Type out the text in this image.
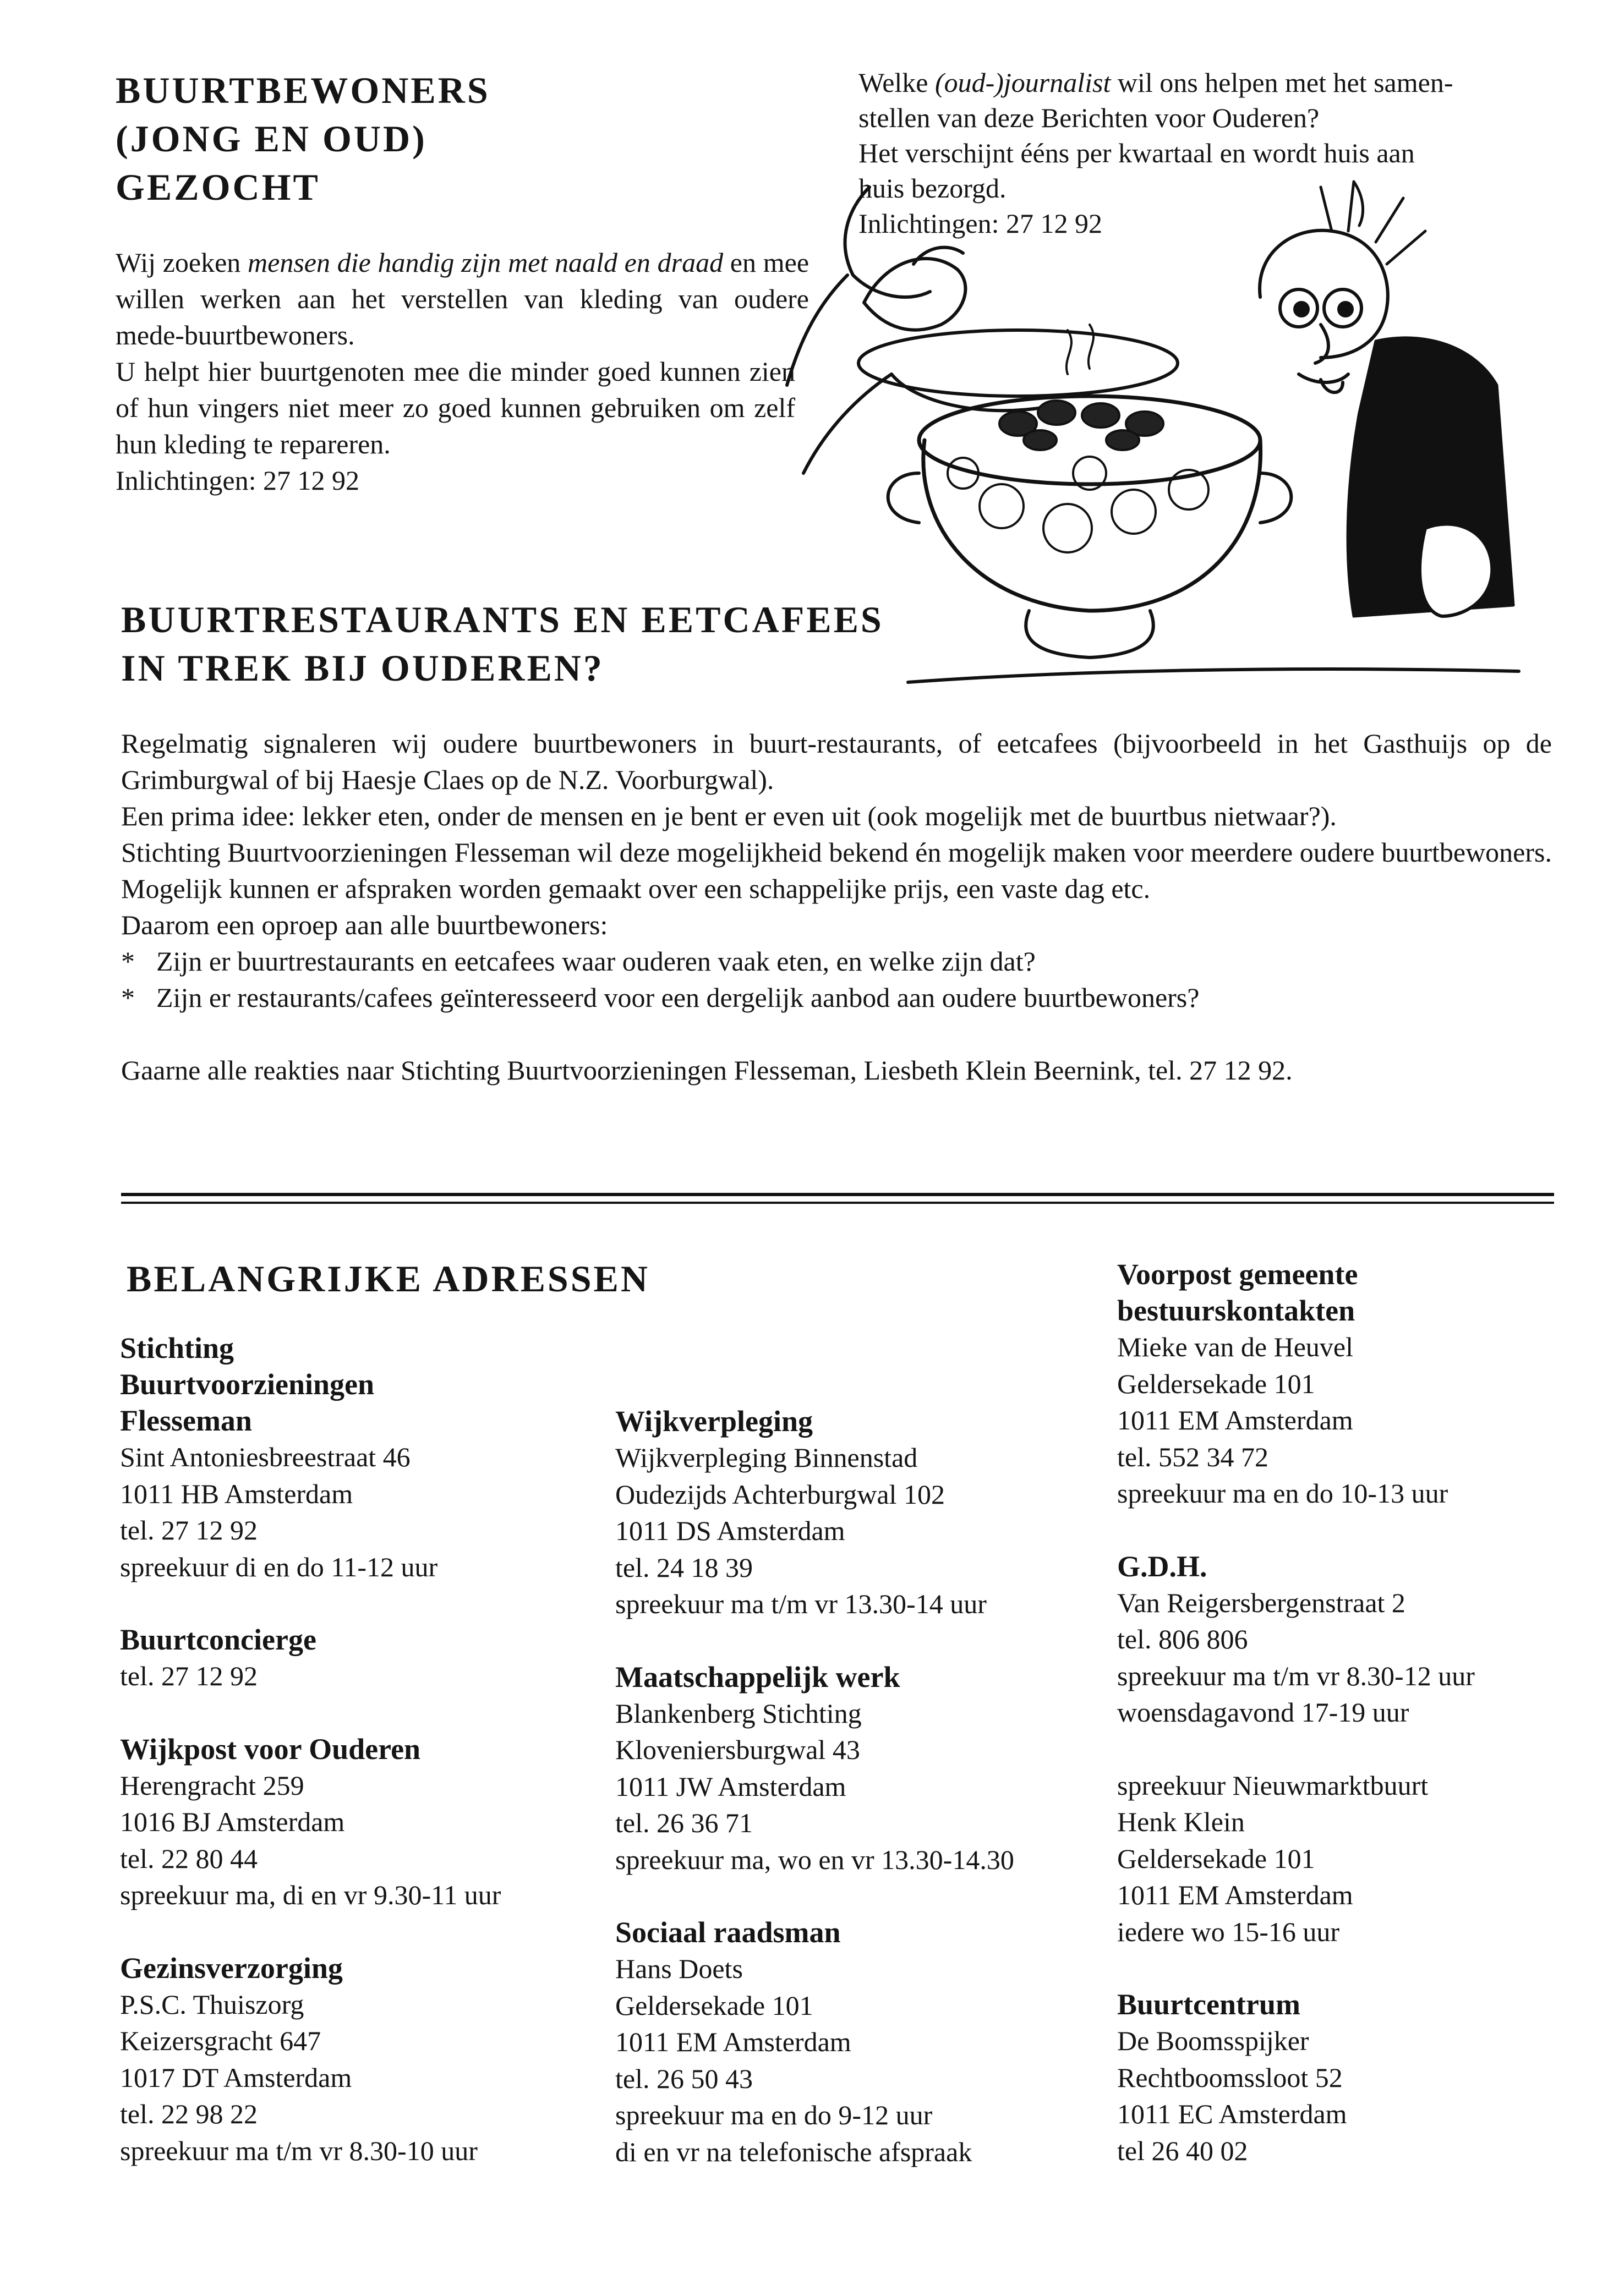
BUURTBEWONERS
(JONG EN OUD)
GEZOCHT

Wij zoeken mensen die handig zijn met naald en draad en mee willen werken aan het verstellen van kleding van oudere mede-buurtbewoners.

U helpt hier buurtgenoten mee die minder goed kunnen zien of hun vingers niet meer zo goed kunnen gebruiken om zelf hun kleding te repareren.

Inlichtingen: 27 12 92

Welke (oud-)journalist wil ons helpen met het samen-

stellen van deze Berichten voor Ouderen?

Het verschijnt ééns per kwartaal en wordt huis aan

huis bezorgd.

Inlichtingen: 27 12 92

BUURTRESTAURANTS EN EETCAFEES
IN TREK BIJ OUDEREN?

Regelmatig signaleren wij oudere buurtbewoners in buurt-restaurants, of eetcafees (bijvoorbeeld in het Gasthuijs op de Grimburgwal of bij Haesje Claes op de N.Z. Voorburgwal).

Een prima idee: lekker eten, onder de mensen en je bent er even uit (ook mogelijk met de buurtbus nietwaar?).

Stichting Buurtvoorzieningen Flesseman wil deze mogelijkheid bekend én mogelijk maken voor meerdere oudere buurtbewoners. Mogelijk kunnen er afspraken worden gemaakt over een schappelijke prijs, een vaste dag etc.

Daarom een oproep aan alle buurtbewoners:

* Zijn er buurtrestaurants en eetcafees waar ouderen vaak eten, en welke zijn dat?
* Zijn er restaurants/cafees geïnteresseerd voor een dergelijk aanbod aan oudere buurtbewoners?

Gaarne alle reakties naar Stichting Buurtvoorzieningen Flesseman, Liesbeth Klein Beernink, tel. 27 12 92.

BELANGRIJKE ADRESSEN

Stichting

Buurtvoorzieningen

Flesseman

Sint Antoniesbreestraat 46

1011 HB Amsterdam

tel. 27 12 92

spreekuur di en do 11-12 uur

Buurtconcierge

tel. 27 12 92

Wijkpost voor Ouderen

Herengracht 259

1016 BJ Amsterdam

tel. 22 80 44

spreekuur ma, di en vr 9.30-11 uur

Gezinsverzorging

P.S.C. Thuiszorg

Keizersgracht 647

1017 DT Amsterdam

tel. 22 98 22

spreekuur ma t/m vr 8.30-10 uur

Wijkverpleging

Wijkverpleging Binnenstad

Oudezijds Achterburgwal 102

1011 DS Amsterdam

tel. 24 18 39

spreekuur ma t/m vr 13.30-14 uur

Maatschappelijk werk

Blankenberg Stichting

Kloveniersburgwal 43

1011 JW Amsterdam

tel. 26 36 71

spreekuur ma, wo en vr 13.30-14.30

Sociaal raadsman

Hans Doets

Geldersekade 101

1011 EM Amsterdam

tel. 26 50 43

spreekuur ma en do 9-12 uur

di en vr na telefonische afspraak

Voorpost gemeente

bestuurskontakten

Mieke van de Heuvel

Geldersekade 101

1011 EM Amsterdam

tel. 552 34 72

spreekuur ma en do 10-13 uur

G.D.H.

Van Reigersbergenstraat 2

tel. 806 806

spreekuur ma t/m vr 8.30-12 uur

woensdagavond 17-19 uur

spreekuur Nieuwmarktbuurt

Henk Klein

Geldersekade 101

1011 EM Amsterdam

iedere wo 15-16 uur

Buurtcentrum

De Boomsspijker

Rechtboomssloot 52

1011 EC Amsterdam

tel 26 40 02
